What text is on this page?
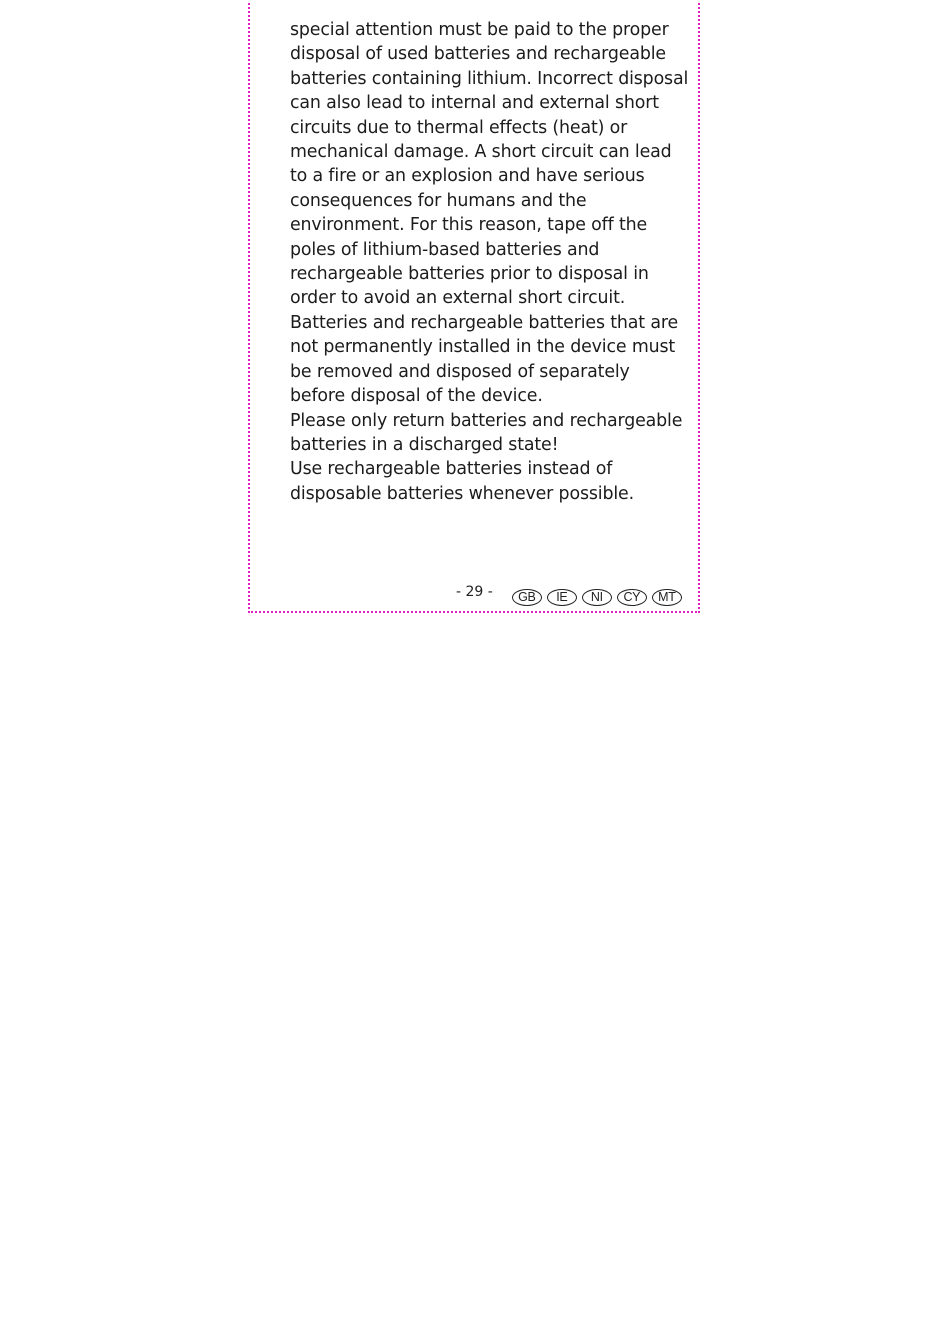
special attention must be paid to the proper disposal of used batteries and rechargeable batteries containing lithium. Incorrect disposal can also lead to internal and external short circuits due to thermal effects (heat) or mechanical damage. A short circuit can lead to a fire or an explosion and have serious consequences for humans and the environment. For this reason, tape off the poles of lithium-based batteries and rechargeable batteries prior to disposal in order to avoid an external short circuit.

Batteries and rechargeable batteries that are not permanently installed in the device must be removed and disposed of separately before disposal of the device.

Please only return batteries and rechargeable batteries in a discharged state!

Use rechargeable batteries instead of disposable batteries whenever possible.

- 29 -	GB	IE	NI	CY	MT
